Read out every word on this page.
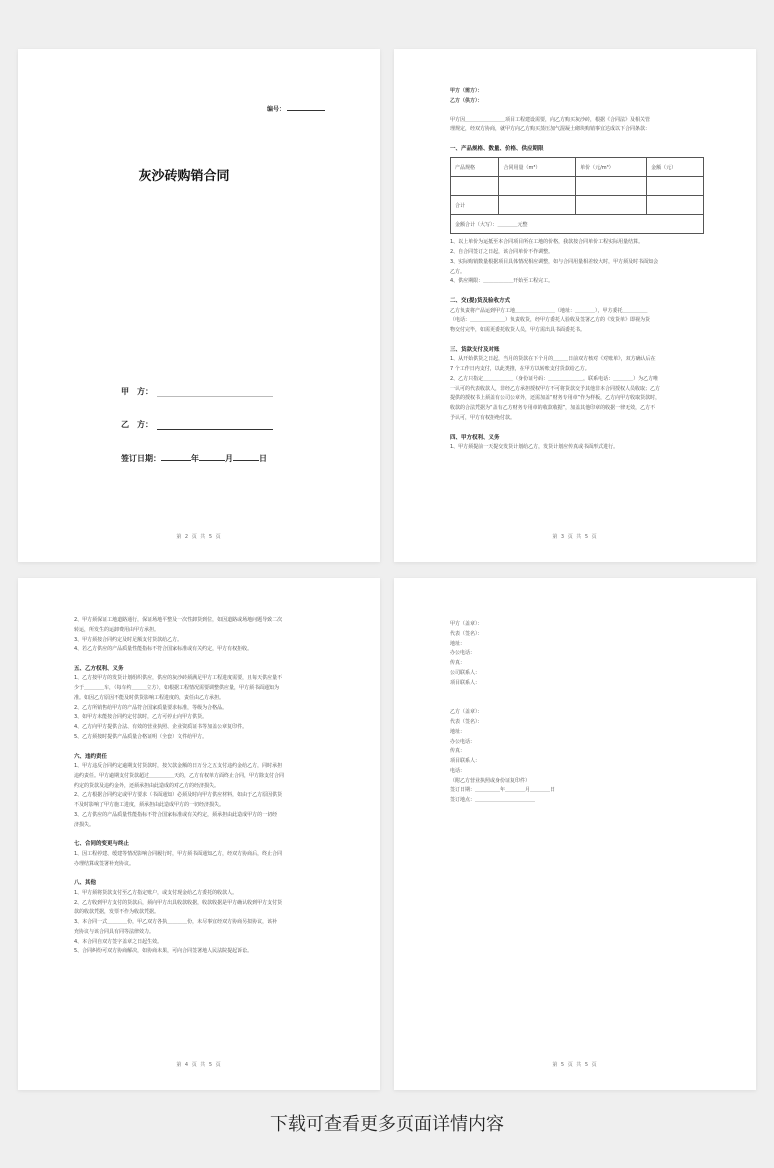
编号：
灰沙砖购销合同
甲　方：
乙　方：
签订日期：	年	月	日
第 2 页 共 5 页
甲方（需方）：
乙方（供方）：
甲方因＿＿＿＿＿＿＿＿项目工程建设需要，向乙方购买灰沙砖，根据《合同法》及相关管
理规定，经双方协商，就甲方向乙方购买蒸压加气混凝土砌块购销事宜达成以下合同条款：
一、产品规格、数量、价格、供应期限
产品规格	合同用量（m³）	单价（元/m³）	金额（元）

合计			
金额合计（大写）：＿＿＿＿元整			
1、以上单价为运抵至本合同项目所在工地的价格，我款按合同单价工程实际用量结算。
2、自合同签订之日起，该合同单价不作调整。
3、实际购销数量根据项目具体情况相应调整，如与合同用量相差较大时，甲方须及时书面知会
乙方。
4、供应期限：＿＿＿＿＿＿开始至工程完工。
二、交(提)货及验收方式
乙方负责将产品运到甲方工地＿＿＿＿＿＿＿＿（地址：＿＿＿＿），甲方委托＿＿＿＿＿
（电话：＿＿＿＿＿＿＿）负责收货，经甲方委托人验收及签署乙方的《发货单》即视为货
物交付完毕，如需更委托收货人员，甲方需出具书面委托书。
三、货款支付及对账
1、从开始供货之日起，当月的货款在下个月的＿＿＿日前双方核对《对账单》，双方确认后在
7 个工作日内支付，以此类推，在甲方以转账支付货款给乙方。
2、乙方只指定＿＿＿＿＿＿（身份证号码：＿＿＿＿＿＿＿，联系电话：＿＿＿＿）为乙方唯
一认可的代表收款人，非经乙方承担授权甲方不可将货款交予其他非本合同授权人员收取；乙方
提供的授权书上须盖有公司公章外，还需加盖“财务专用章”作为样板，乙方向甲方收取货款时，
收款的合法凭据为“盖有乙方财务专用章的收款收据”，加盖其他印章的收据一律无效，乙方不
予认可，甲方有权拒绝付款。
四、甲方权利、义务
1、甲方须提前一天提交发货计划给乙方，发货计划应传真或书面形式进行。
第 3 页 共 5 页
2、甲方须保证工地道路通行，保证场地平整及一次性卸货到位，如因道路或场地问题导致二次
转运，所发生的运卸费用由甲方承担。
3、甲方须按合同约定及时足额支付货款给乙方。
4、若乙方供应的产品质量性能指标不符合国家标准或有关约定，甲方有权拒收。
五、乙方权利、义务
1、乙方按甲方的发货计划组织供应，供应的灰沙砖须满足甲方工程进度需要，且每天供应量不
少于＿＿＿＿车，（每车约＿＿＿立方），如根据工程情况需要调整供应量，甲方须书面通知为
准。如因乙方原因不能及时供货影响工程进度的，责任由乙方承担。
2、乙方所销售给甲方的产品符合国家质量要求标准，等级为合格品。
3、如甲方未能按合同约定付款时，乙方可停止向甲方供货。
4、乙方向甲方提供合法、有效的营业执照、企业资质证书等加盖公章复印件。
5、乙方须按时提供产品质量合格证明（全套）文件给甲方。
六、违约责任
1、甲方违反合同约定逾期支付货款时，按欠款金额的日万分之五支付违约金给乙方，同时承担
违约责任。甲方逾期支付货款超过＿＿＿＿＿天的，乙方有权单方面终止合同，甲方除支付合同
约定的货款及违约金外，还须承担由此造成的对乙方的经济损失。
2、乙方根据合同约定或甲方要求（书面通知）必须及时向甲方供应材料，如由于乙方原因供货
不及时影响了甲方施工进度，须承担由此造成甲方的一切经济损失。
3、乙方供应的产品质量性能指标不符合国家标准或有关约定，须承担由此造成甲方的一切经
济损失。
七、合同的变更与终止
1、因工程停建、缓建等情况影响合同履行时，甲方须书面通知乙方，经双方协商后，终止合同
办理结算或签署补充协议。
八、其他
1、甲方须将货款支付至乙方指定账户，或支付现金给乙方委托的收款人。
2、乙方收到甲方支付的货款后，须向甲方出具收款收据，收款收据是甲方确认收到甲方支付货
款的收款凭据，发票不作为收款凭据。
3、本合同一式＿＿＿＿份，甲乙双方各执＿＿＿＿份，未尽事宜经双方协商另拟协议，该补
充协议与该合同具有同等法律效力。
4、本合同自双方签字盖章之日起生效。
5、合同纠纷可双方协商解决，如协商未果，可向合同签署地人民法院提起诉讼。
第 4 页 共 5 页
甲方（盖章）：
代表（签名）：
地址：
办公电话：
传真：
公司联系人：
项目联系人：
乙方（盖章）：
代表（签名）：
地址：
办公电话：
传真：
项目联系人：
电话：
（附乙方营业执照或身份证复印件）
签订日期：＿＿＿＿＿年＿＿＿＿月＿＿＿＿日
签订地点：＿＿＿＿＿＿＿＿＿＿＿＿
第 5 页 共 5 页
下载可查看更多页面详情内容
